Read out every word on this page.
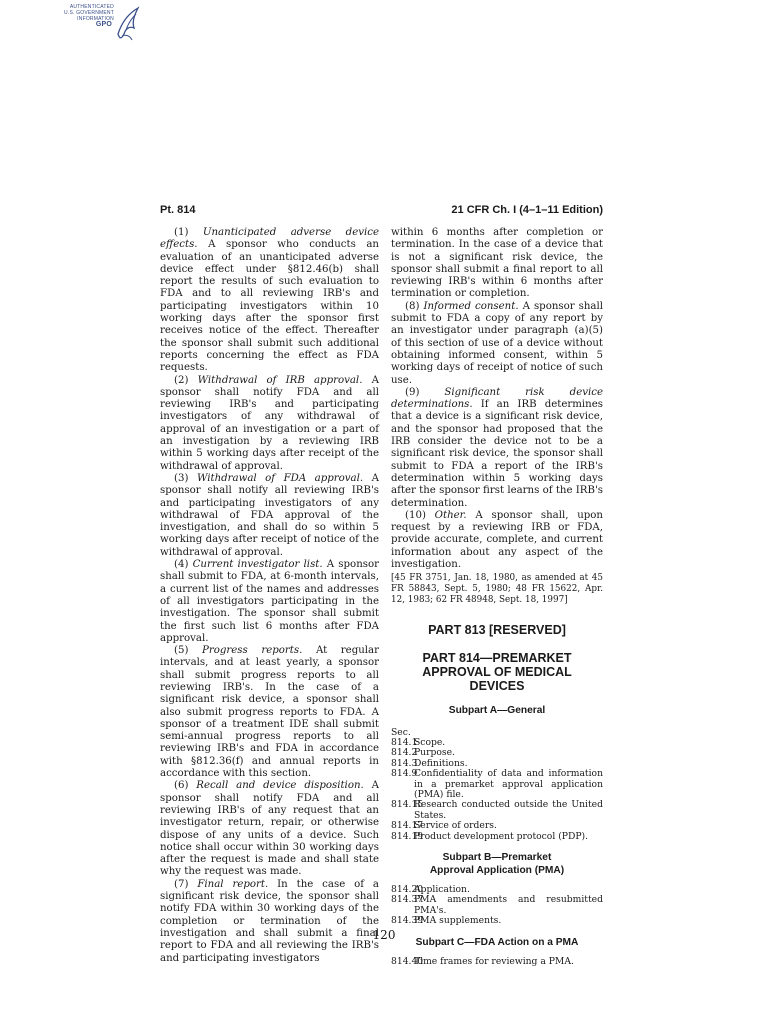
AUTHENTICATED
U.S. GOVERNMENT
INFORMATION
GPO
Pt. 814	21 CFR Ch. I (4–1–11 Edition)

(1) Unanticipated adverse device effects. A sponsor who conducts an evaluation of an unanticipated adverse device effect under §812.46(b) shall report the results of such evaluation to FDA and to all reviewing IRB's and participating investigators within 10 working days after the sponsor first receives notice of the effect. Thereafter the sponsor shall submit such additional reports concerning the effect as FDA requests.

(2) Withdrawal of IRB approval. A sponsor shall notify FDA and all reviewing IRB's and participating investigators of any withdrawal of approval of an investigation or a part of an investigation by a reviewing IRB within 5 working days after receipt of the withdrawal of approval.

(3) Withdrawal of FDA approval. A sponsor shall notify all reviewing IRB's and participating investigators of any withdrawal of FDA approval of the investigation, and shall do so within 5 working days after receipt of notice of the withdrawal of approval.

(4) Current investigator list. A sponsor shall submit to FDA, at 6-month intervals, a current list of the names and addresses of all investigators participating in the investigation. The sponsor shall submit the first such list 6 months after FDA approval.

(5) Progress reports. At regular intervals, and at least yearly, a sponsor shall submit progress reports to all reviewing IRB's. In the case of a significant risk device, a sponsor shall also submit progress reports to FDA. A sponsor of a treatment IDE shall submit semi-annual progress reports to all reviewing IRB's and FDA in accordance with §812.36(f) and annual reports in accordance with this section.

(6) Recall and device disposition. A sponsor shall notify FDA and all reviewing IRB's of any request that an investigator return, repair, or otherwise dispose of any units of a device. Such notice shall occur within 30 working days after the request is made and shall state why the request was made.

(7) Final report. In the case of a significant risk device, the sponsor shall notify FDA within 30 working days of the completion or termination of the investigation and shall submit a final report to FDA and all reviewing the IRB's and participating investigators

within 6 months after completion or termination. In the case of a device that is not a significant risk device, the sponsor shall submit a final report to all reviewing IRB's within 6 months after termination or completion.

(8) Informed consent. A sponsor shall submit to FDA a copy of any report by an investigator under paragraph (a)(5) of this section of use of a device without obtaining informed consent, within 5 working days of receipt of notice of such use.

(9) Significant risk device determinations. If an IRB determines that a device is a significant risk device, and the sponsor had proposed that the IRB consider the device not to be a significant risk device, the sponsor shall submit to FDA a report of the IRB's determination within 5 working days after the sponsor first learns of the IRB's determination.

(10) Other. A sponsor shall, upon request by a reviewing IRB or FDA, provide accurate, complete, and current information about any aspect of the investigation.

[45 FR 3751, Jan. 18, 1980, as amended at 45 FR 58843, Sept. 5, 1980; 48 FR 15622, Apr. 12, 1983; 62 FR 48948, Sept. 18, 1997]

PART 813 [RESERVED]
PART 814—PREMARKET APPROVAL OF MEDICAL DEVICES
Subpart A—General
Sec.
814.1
Scope.
814.2
Purpose.
814.3
Definitions.
814.9
Confidentiality of data and information in a premarket approval application (PMA) file.
814.15
Research conducted outside the United States.
814.17
Service of orders.
814.19
Product development protocol (PDP).
Subpart B—Premarket Approval Application (PMA)
814.20
Application.
814.37
PMA amendments and resubmitted PMA's.
814.39
PMA supplements.
Subpart C—FDA Action on a PMA
814.40
Time frames for reviewing a PMA.
120
